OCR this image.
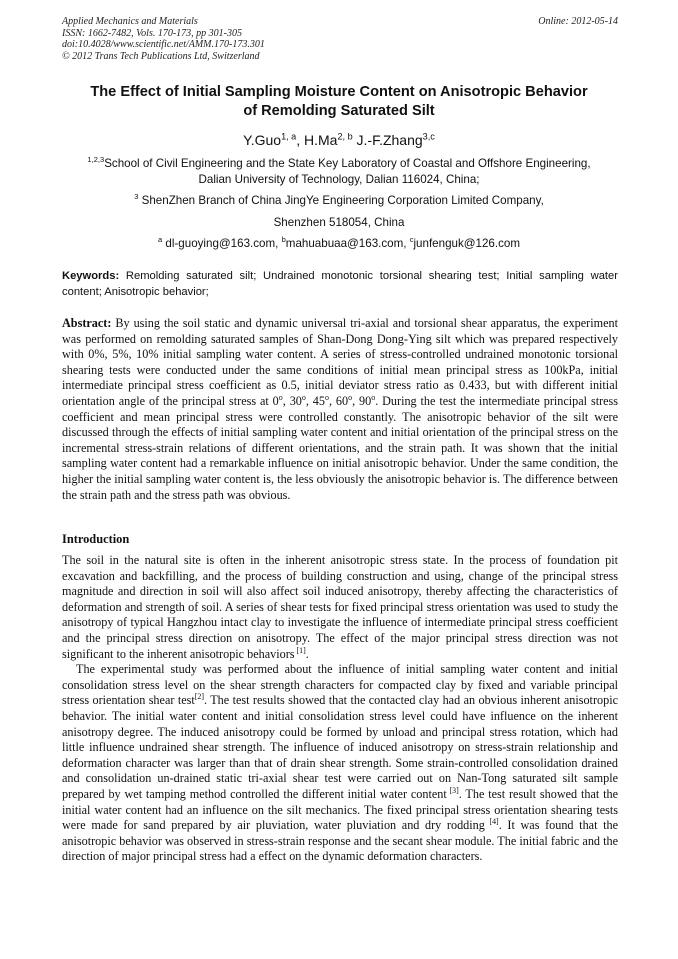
Applied Mechanics and Materials
ISSN: 1662-7482, Vols. 170-173, pp 301-305
doi:10.4028/www.scientific.net/AMM.170-173.301
© 2012 Trans Tech Publications Ltd, Switzerland
Online: 2012-05-14
The Effect of Initial Sampling Moisture Content on Anisotropic Behavior
of Remolding Saturated Silt
Y.Guo$^{1, a}$, H.Ma$^{2, b}$ J.-F.Zhang$^{3,c}$
$^{1,2,3}$School of Civil Engineering and the State Key Laboratory of Coastal and Offshore Engineering,
Dalian University of Technology, Dalian 116024, China;
$^3$ ShenZhen Branch of China JingYe Engineering Corporation Limited Company,
Shenzhen 518054, China
$^a$ dl-guoying@163.com, $^b$mahuabuaa@163.com, $^c$junfenguk@126.com
Keywords: Remolding saturated silt; Undrained monotonic torsional shearing test; Initial sampling water content; Anisotropic behavior;
Abstract: By using the soil static and dynamic universal tri-axial and torsional shear apparatus, the experiment was performed on remolding saturated samples of Shan-Dong Dong-Ying silt which was prepared respectively with 0%, 5%, 10% initial sampling water content. A series of stress-controlled undrained monotonic torsional shearing tests were conducted under the same conditions of initial mean principal stress as 100kPa, initial intermediate principal stress coefficient as 0.5, initial deviator stress ratio as 0.433, but with different initial orientation angle of the principal stress at 0$^o$, 30$^o$, 45$^o$, 60$^o$, 90$^o$. During the test the intermediate principal stress coefficient and mean principal stress were controlled constantly. The anisotropic behavior of the silt were discussed through the effects of initial sampling water content and initial orientation of the principal stress on the incremental stress-strain relations of different orientations, and the strain path. It was shown that the initial sampling water content had a remarkable influence on initial anisotropic behavior. Under the same condition, the higher the initial sampling water content is, the less obviously the anisotropic behavior is. The difference between the strain path and the stress path was obvious.
Introduction

The soil in the natural site is often in the inherent anisotropic stress state. In the process of foundation pit excavation and backfilling, and the process of building construction and using, change of the principal stress magnitude and direction in soil will also affect soil induced anisotropy, thereby affecting the characteristics of deformation and strength of soil. A series of shear tests for fixed principal stress orientation was used to study the anisotropy of typical Hangzhou intact clay to investigate the influence of intermediate principal stress coefficient and the principal stress direction on anisotropy. The effect of the major principal stress direction was not significant to the inherent anisotropic behaviors [1].

The experimental study was performed about the influence of initial sampling water content and initial consolidation stress level on the shear strength characters for compacted clay by fixed and variable principal stress orientation shear test[2]. The test results showed that the contacted clay had an obvious inherent anisotropic behavior. The initial water content and initial consolidation stress level could have influence on the inherent anisotropy degree. The induced anisotropy could be formed by unload and principal stress rotation, which had little influence undrained shear strength. The influence of induced anisotropy on stress-strain relationship and deformation character was larger than that of drain shear strength. Some strain-controlled consolidation drained and consolidation un-drained static tri-axial shear test were carried out on Nan-Tong saturated silt sample prepared by wet tamping method controlled the different initial water content [3]. The test result showed that the initial water content had an influence on the silt mechanics. The fixed principal stress orientation shearing tests were made for sand prepared by air pluviation, water pluviation and dry rodding [4]. It was found that the anisotropic behavior was observed in stress-strain response and the secant shear module. The initial fabric and the direction of major principal stress had a effect on the dynamic deformation characters.
